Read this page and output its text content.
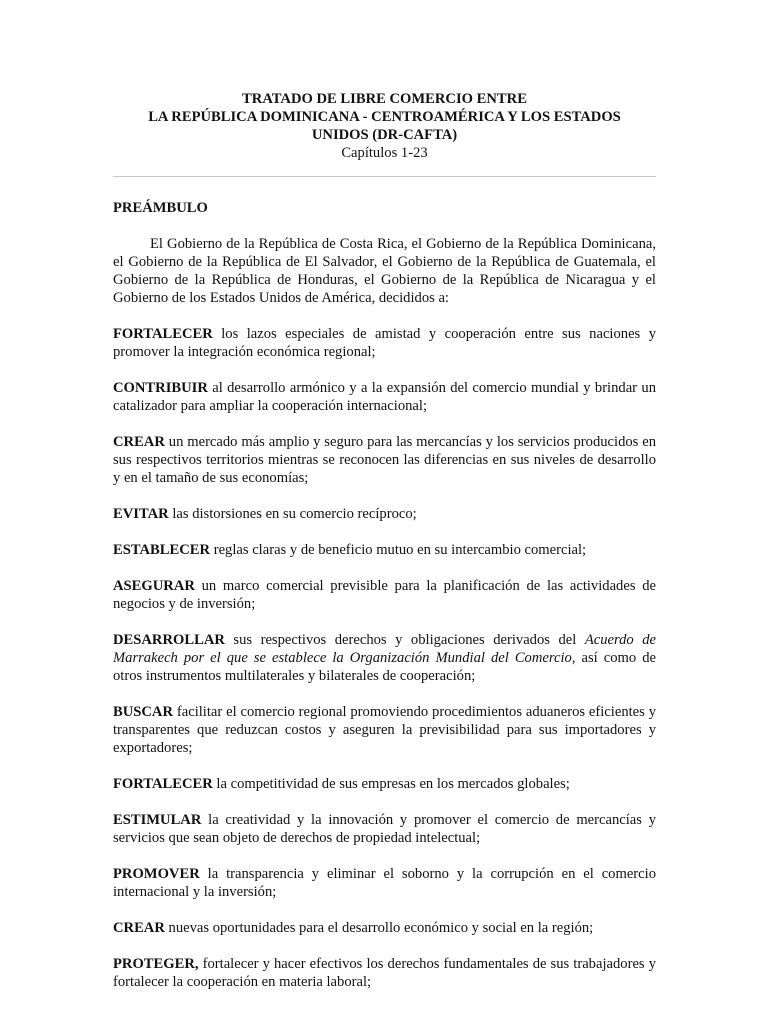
TRATADO DE LIBRE COMERCIO ENTRE
LA REPÚBLICA DOMINICANA - CENTROAMÉRICA Y LOS ESTADOS
UNIDOS (DR-CAFTA)
Capítulos 1-23
PREÁMBULO
El Gobierno de la República de Costa Rica, el Gobierno de la República Dominicana, el Gobierno de la República de El Salvador, el Gobierno de la República de Guatemala, el Gobierno de la República de Honduras, el Gobierno de la República de Nicaragua y el Gobierno de los Estados Unidos de América, decididos a:
FORTALECER los lazos especiales de amistad y cooperación entre sus naciones y promover la integración económica regional;
CONTRIBUIR al desarrollo armónico y a la expansión del comercio mundial y brindar un catalizador para ampliar la cooperación internacional;
CREAR un mercado más amplio y seguro para las mercancías y los servicios producidos en sus respectivos territorios mientras se reconocen las diferencias en sus niveles de desarrollo y en el tamaño de sus economías;
EVITAR las distorsiones en su comercio recíproco;
ESTABLECER reglas claras y de beneficio mutuo en su intercambio comercial;
ASEGURAR un marco comercial previsible para la planificación de las actividades de negocios y de inversión;
DESARROLLAR sus respectivos derechos y obligaciones derivados del Acuerdo de Marrakech por el que se establece la Organización Mundial del Comercio, así como de otros instrumentos multilaterales y bilaterales de cooperación;
BUSCAR facilitar el comercio regional promoviendo procedimientos aduaneros eficientes y transparentes que reduzcan costos y aseguren la previsibilidad para sus importadores y exportadores;
FORTALECER la competitividad de sus empresas en los mercados globales;
ESTIMULAR la creatividad y la innovación y promover el comercio de mercancías y servicios que sean objeto de derechos de propiedad intelectual;
PROMOVER la transparencia y eliminar el soborno y la corrupción en el comercio internacional y la inversión;
CREAR nuevas oportunidades para el desarrollo económico y social en la región;
PROTEGER, fortalecer y hacer efectivos los derechos fundamentales de sus trabajadores y fortalecer la cooperación en materia laboral;
